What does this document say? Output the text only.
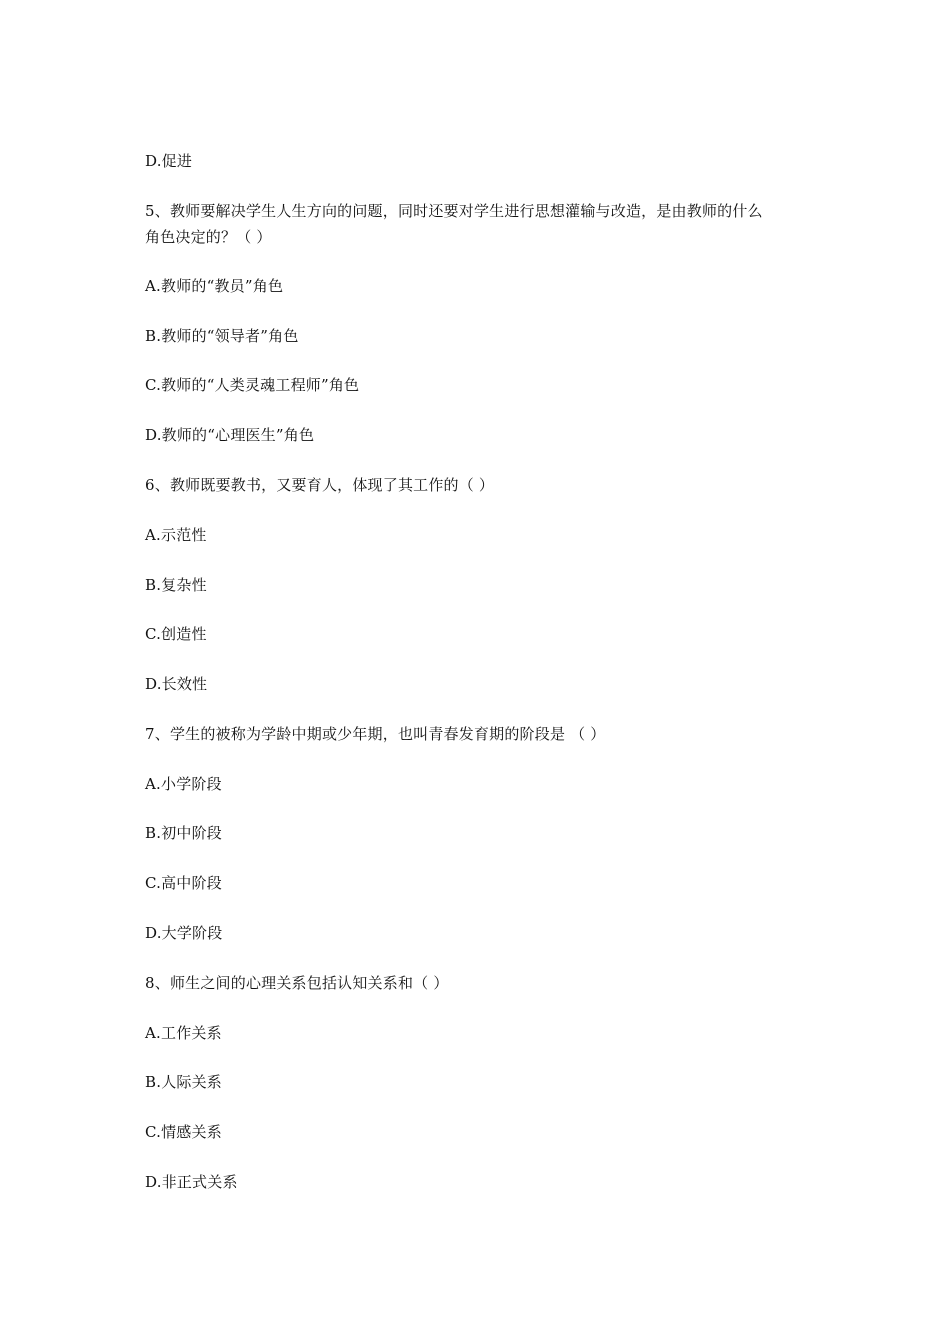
D.促进
5、教师要解决学生人生方向的问题，同时还要对学生进行思想灌输与改造，是由教师的什么
角色决定的？（ ）
A.教师的“教员”角色
B.教师的“领导者”角色
C.教师的“人类灵魂工程师”角色
D.教师的“心理医生”角色
6、教师既要教书，又要育人，体现了其工作的（ ）
A.示范性
B.复杂性
C.创造性
D.长效性
7、学生的被称为学龄中期或少年期，也叫青春发育期的阶段是 （ ）
A.小学阶段
B.初中阶段
C.高中阶段
D.大学阶段
8、师生之间的心理关系包括认知关系和（ ）
A.工作关系
B.人际关系
C.情感关系
D.非正式关系
